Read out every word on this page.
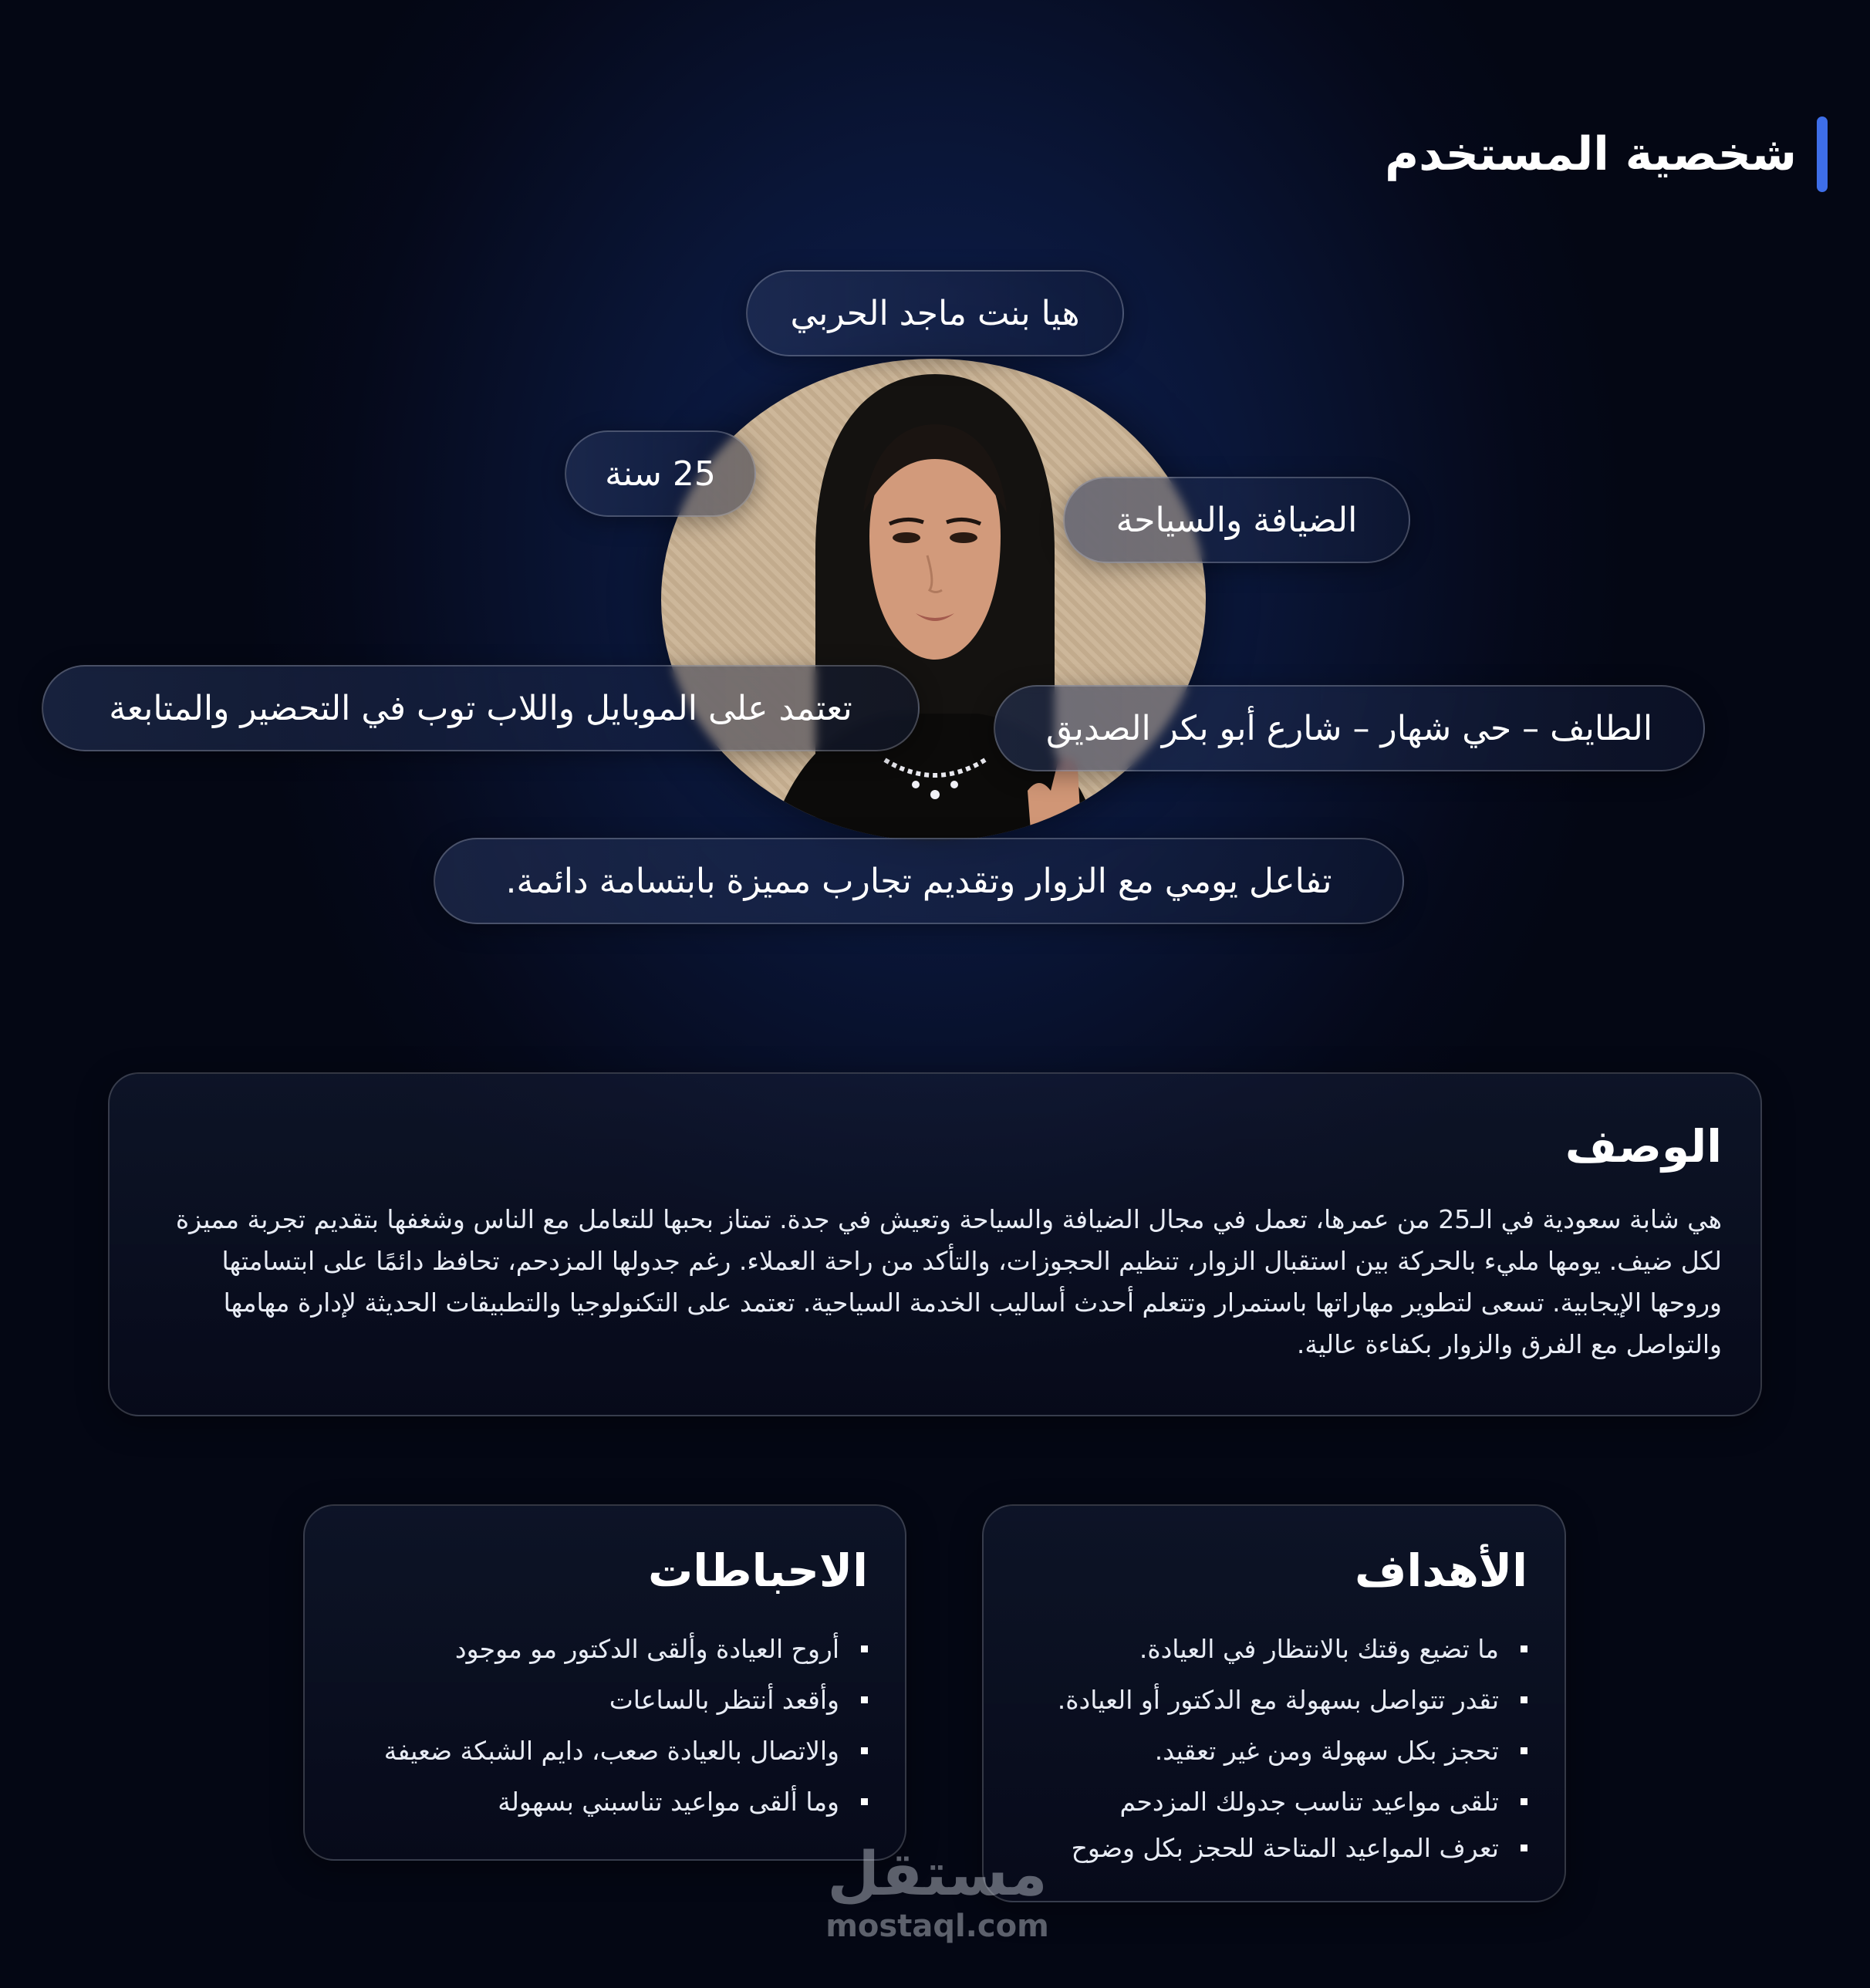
شخصية المستخدم
هيا بنت ماجد الحربي
25 سنة
الضيافة والسياحة
تعتمد على الموبايل واللاب توب في التحضير والمتابعة
الطايف – حي شهار – شارع أبو بكر الصديق
تفاعل يومي مع الزوار وتقديم تجارب مميزة بابتسامة دائمة.
الوصف

هي شابة سعودية في الـ25 من عمرها، تعمل في مجال الضيافة والسياحة وتعيش في جدة. تمتاز بحبها للتعامل مع الناس وشغفها بتقديم تجربة مميزة لكل ضيف. يومها مليء بالحركة بين استقبال الزوار، تنظيم الحجوزات، والتأكد من راحة العملاء. رغم جدولها المزدحم، تحافظ دائمًا على ابتسامتها وروحها الإيجابية. تسعى لتطوير مهاراتها باستمرار وتتعلم أحدث أساليب الخدمة السياحية. تعتمد على التكنولوجيا والتطبيقات الحديثة لإدارة مهامها والتواصل مع الفرق والزوار بكفاءة عالية.

الأهداف
ما تضيع وقتك بالانتظار في العيادة.
تقدر تتواصل بسهولة مع الدكتور أو العيادة.
تحجز بكل سهولة ومن غير تعقيد.
تلقى مواعيد تناسب جدولك المزدحم
تعرف المواعيد المتاحة للحجز بكل وضوح
الاحباطات
أروح العيادة وألقى الدكتور مو موجود
وأقعد أنتظر بالساعات
والاتصال بالعيادة صعب، دايم الشبكة ضعيفة
وما ألقى مواعيد تناسبني بسهولة
مستقل
mostaql.com
